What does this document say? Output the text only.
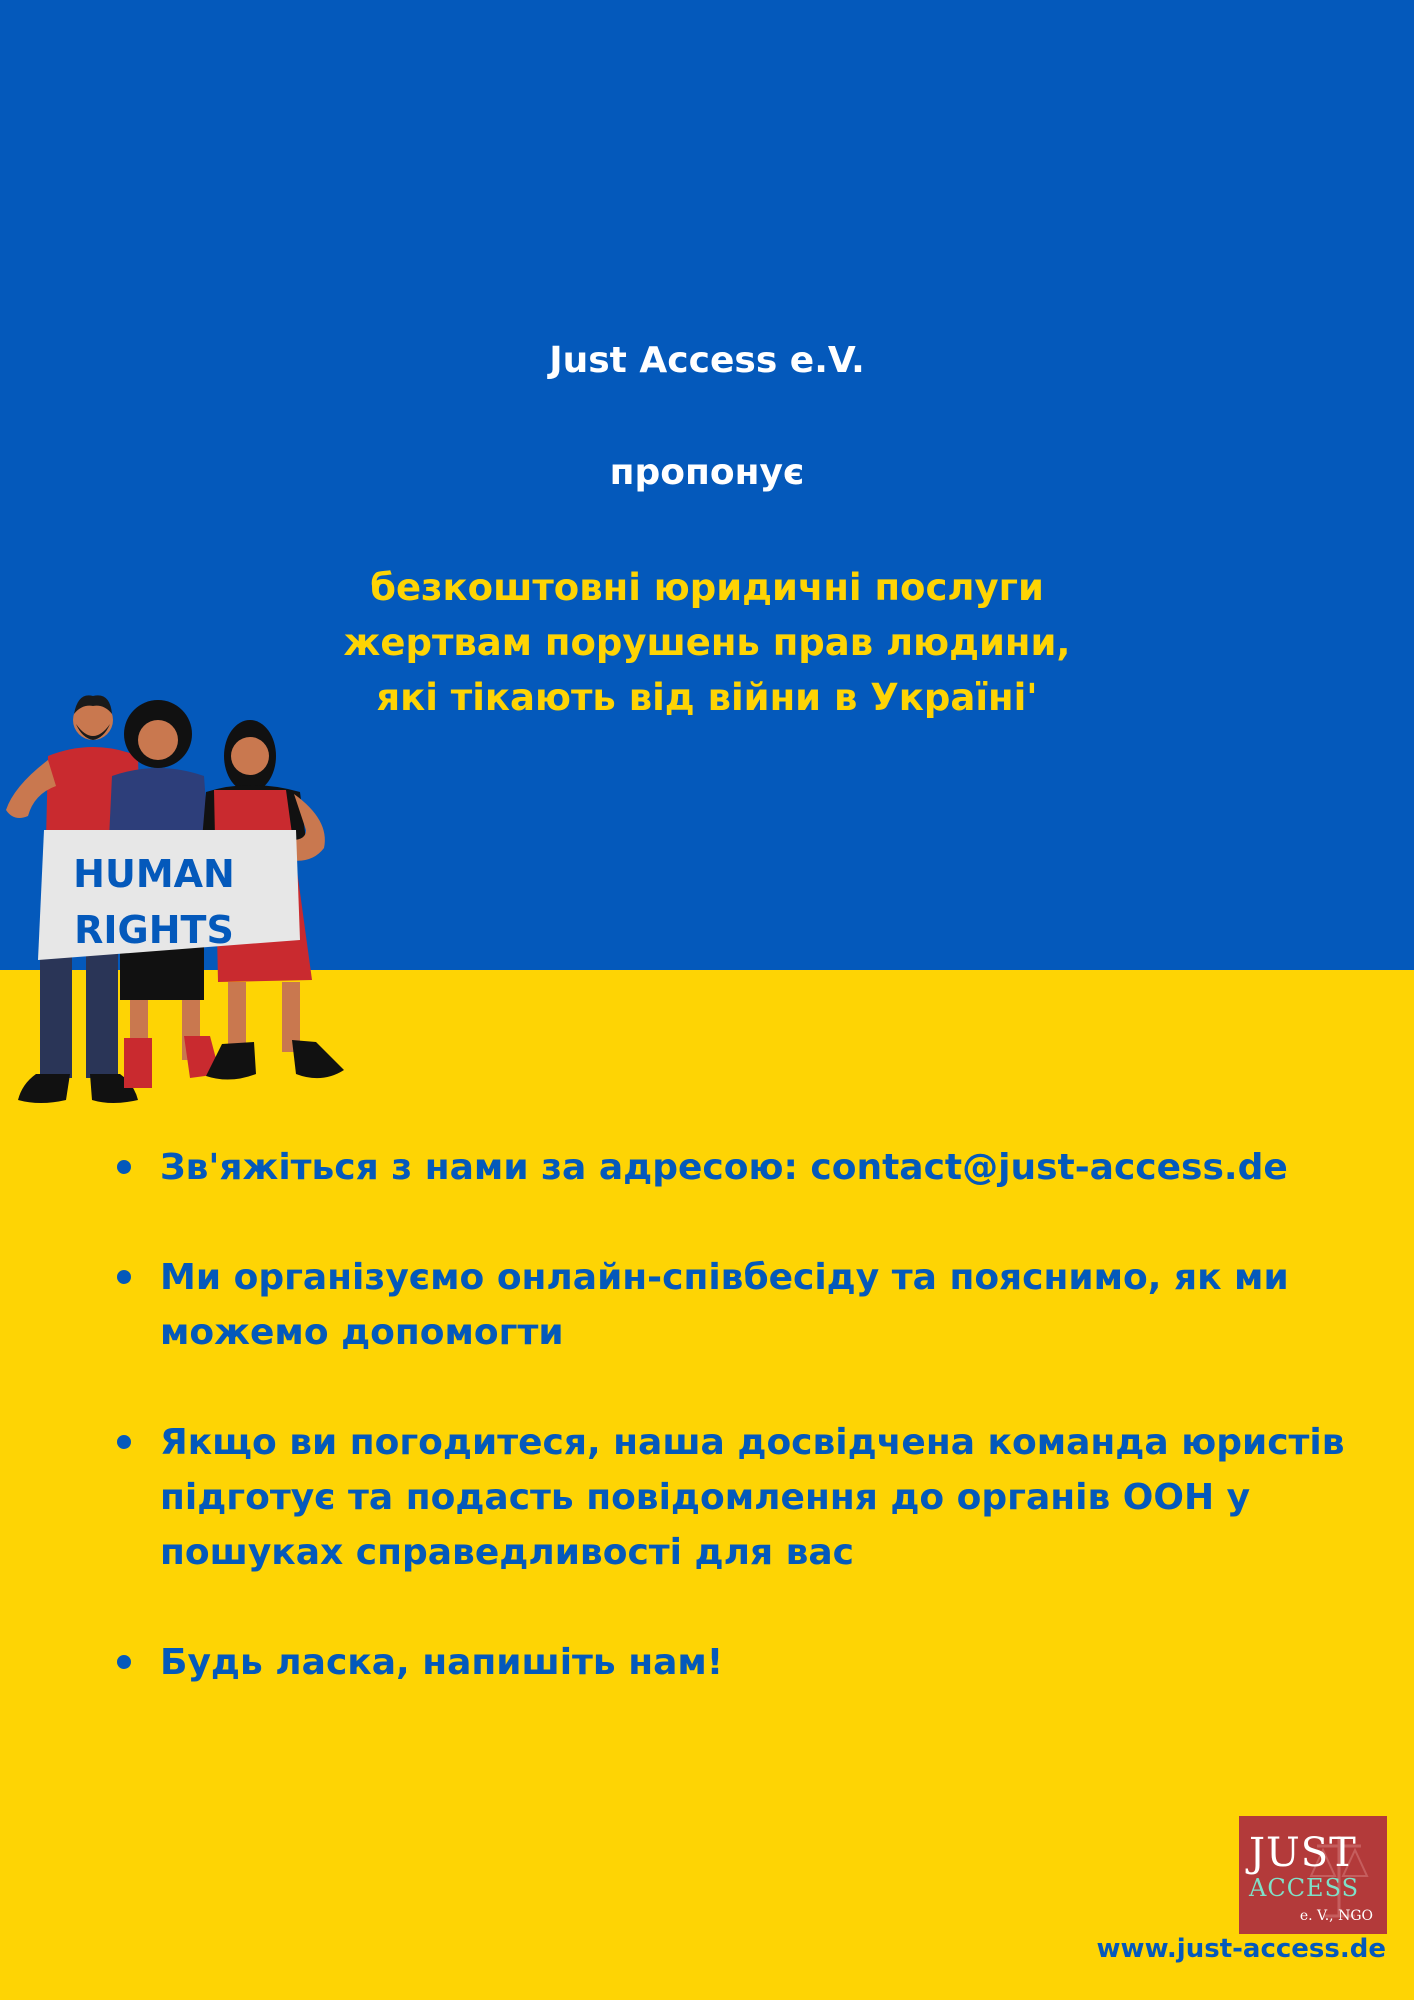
Just Access e.V.
пропонує
безкоштовні юридичні послуги
жертвам порушень прав людини,
які тікають від війни в Україні'
HUMAN
RIGHTS
Зв'яжіться з нами за адресою: contact@just-access.de
Ми організуємо онлайн-співбесіду та пояснимо, як ми можемо допомогти
Якщо ви погодитеся, наша досвідчена команда юристів підготує та подасть повідомлення до органів ООН у пошуках справедливості для вас
Будь ласка, напишіть нам!
JUST
ACCESS
e. V., NGO
www.just-access.de
